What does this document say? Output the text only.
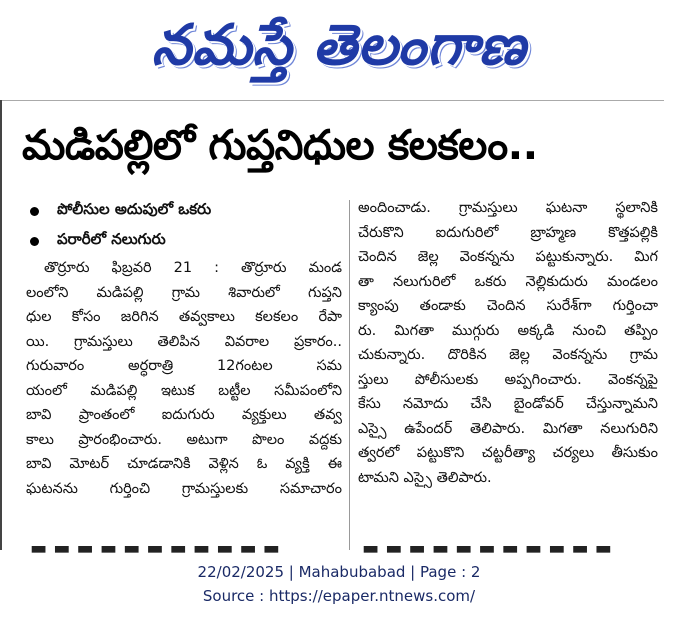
నమస్తే తెలంగాణ
మడిపల్లిలో గుప్తనిధుల కలకలం..
పోలీసుల అదుపులో ఒకరు
పరారీలో నలుగురు
తొర్రూరు ఫిబ్రవరి 21 : తొర్రూరు మండ
లంలోని మడిపల్లి గ్రామ శివారులో గుప్తని
ధుల కోసం జరిగిన తవ్వకాలు కలకలం రేపా
యి. గ్రామస్తులు తెలిపిన వివరాల ప్రకారం..
గురువారం అర్ధరాత్రి 12గంటల సమ
యంలో మడిపల్లి ఇటుక బట్టీల సమీపంలోని
బావి ప్రాంతంలో ఐదుగురు వ్యక్తులు తవ్వ
కాలు ప్రారంభించారు. అటుగా పొలం వద్దకు
బావి మోటర్ చూడడానికి వెళ్లిన ఓ వ్యక్తి ఈ
ఘటనను గుర్తించి గ్రామస్తులకు సమాచారం
అందించాడు. గ్రామస్తులు ఘటనా స్థలానికి
చేరుకొని ఐదుగురిలో బ్రాహ్మణ కొత్తపల్లికి
చెందిన జెల్ల వెంకన్నను పట్టుకున్నారు. మిగ
తా నలుగురిలో ఒకరు నెల్లికుదురు మండలం
క్యాంపు తండాకు చెందిన సురేశ్‌గా గుర్తించా
రు. మిగతా ముగ్గురు అక్కడి నుంచి తప్పిం
చుకున్నారు. దొరికిన జెల్ల వెంకన్నను గ్రామ
స్తులు పోలీసులకు అప్పగించారు. వెంకన్నపై
కేసు నమోదు చేసి బైండోవర్ చేస్తున్నామని
ఎస్సై ఉపేందర్ తెలిపారు. మిగతా నలుగురిని
త్వరలో పట్టుకొని చట్టరీత్యా చర్యలు తీసుకుం
టామని ఎస్సై తెలిపారు.
▬ ▬ ▬ ▬ ▬ ▬ ▬ ▬ ▬ ▬ ▬	▬ ▬ ▬ ▬ ▬ ▬ ▬ ▬ ▬ ▬ ▬
22/02/2025 | Mahabubabad | Page : 2
Source : https://epaper.ntnews.com/
